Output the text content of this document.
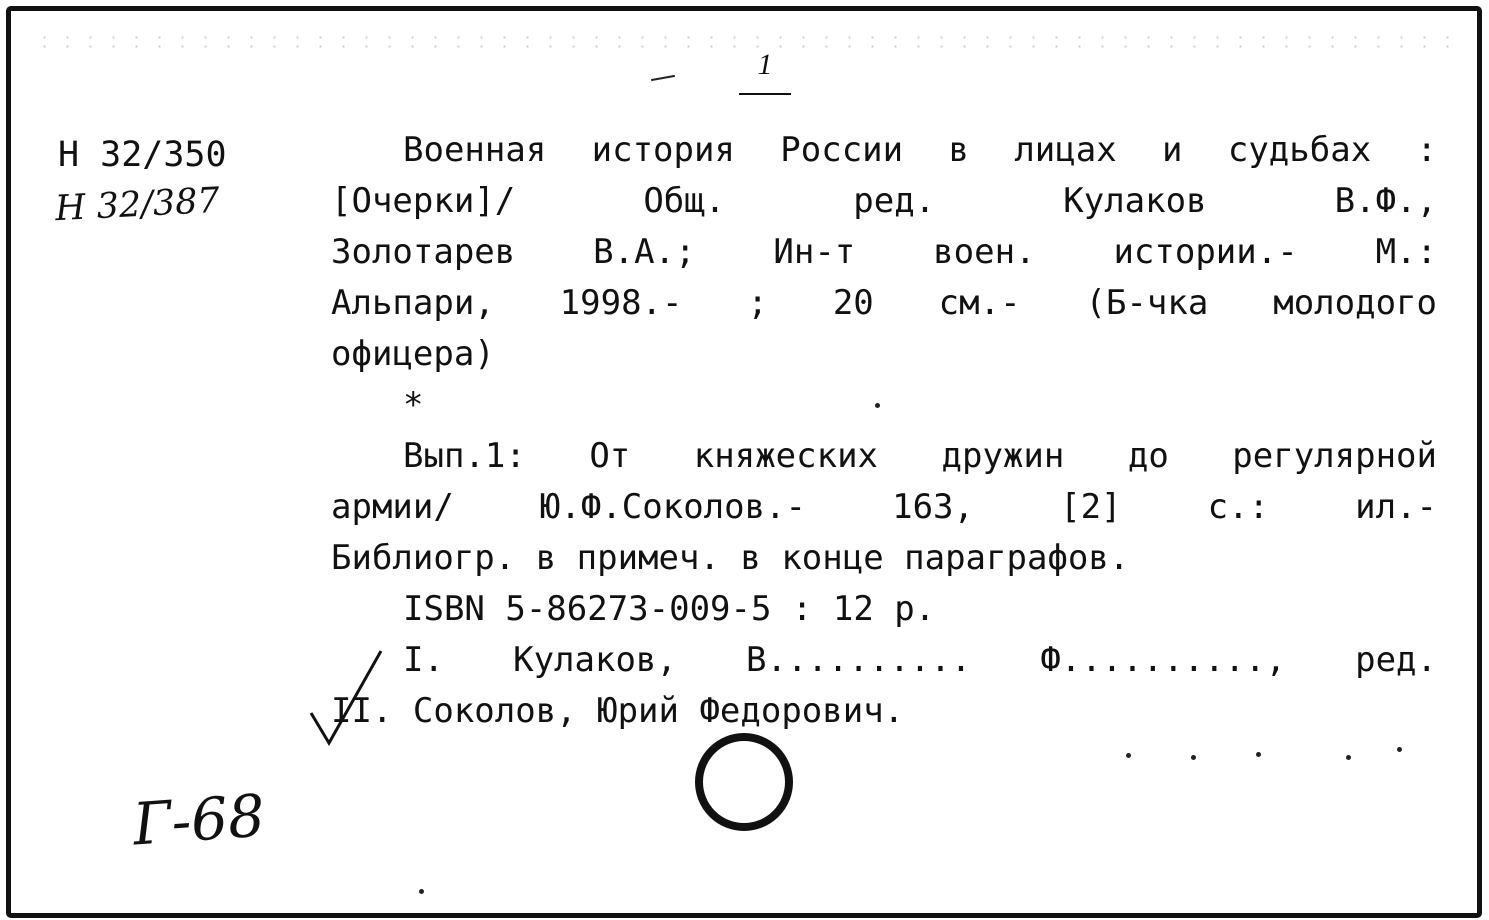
1
Н 32/350
Н 32/387
Военная история России в лицах и судьбах :
[Очерки]/ Общ. ред. Кулаков В.Ф.,
Золотарев В.А.; Ин-т воен. истории.- М.:
Альпари, 1998.- ; 20 см.- (Б-чка молодого
офицера)
*
Вып.1: От княжеских дружин до регулярной
армии/ Ю.Ф.Соколов.- 163, [2] с.: ил.-
Библиогр. в примеч. в конце параграфов.
ISBN 5-86273-009-5 : 12 р.
I. Кулаков, В.......... Ф.........., ред.
II. Соколов, Юрий Федорович.
Г-68
